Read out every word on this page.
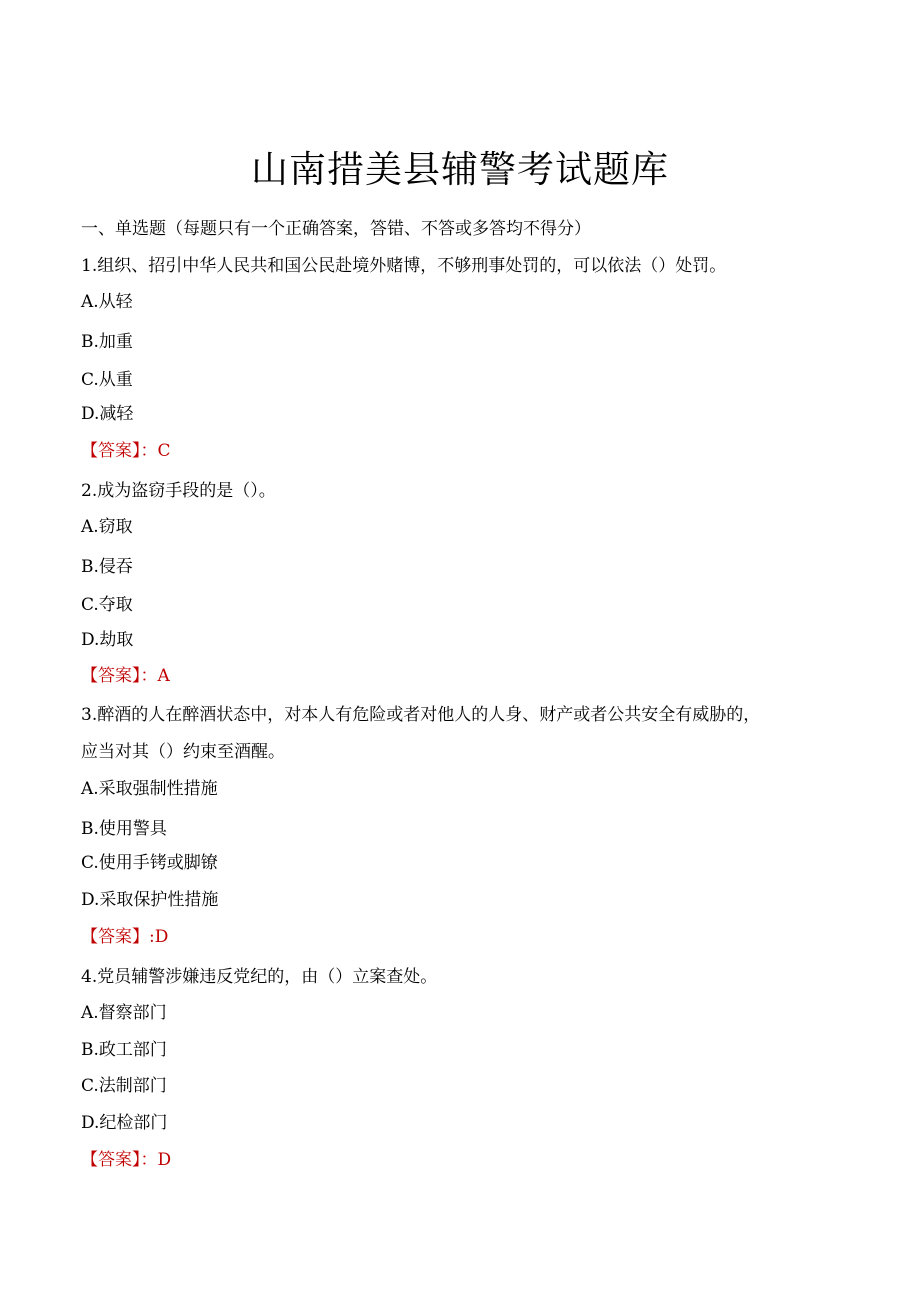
山南措美县辅警考试题库
一、单选题（每题只有一个正确答案，答错、不答或多答均不得分）
1.组织、招引中华人民共和国公民赴境外赌博，不够刑事处罚的，可以依法（）处罚。
A.从轻
B.加重
C.从重
D.减轻
【答案】：C
2.成为盗窃手段的是（）。
A.窃取
B.侵吞
C.夺取
D.劫取
【答案】：A
3.醉酒的人在醉酒状态中，对本人有危险或者对他人的人身、财产或者公共安全有威胁的，
应当对其（）约束至酒醒。
A.采取强制性措施
B.使用警具
C.使用手铐或脚镣
D.采取保护性措施
【答案】:D
4.党员辅警涉嫌违反党纪的，由（）立案查处。
A.督察部门
B.政工部门
C.法制部门
D.纪检部门
【答案】：D
